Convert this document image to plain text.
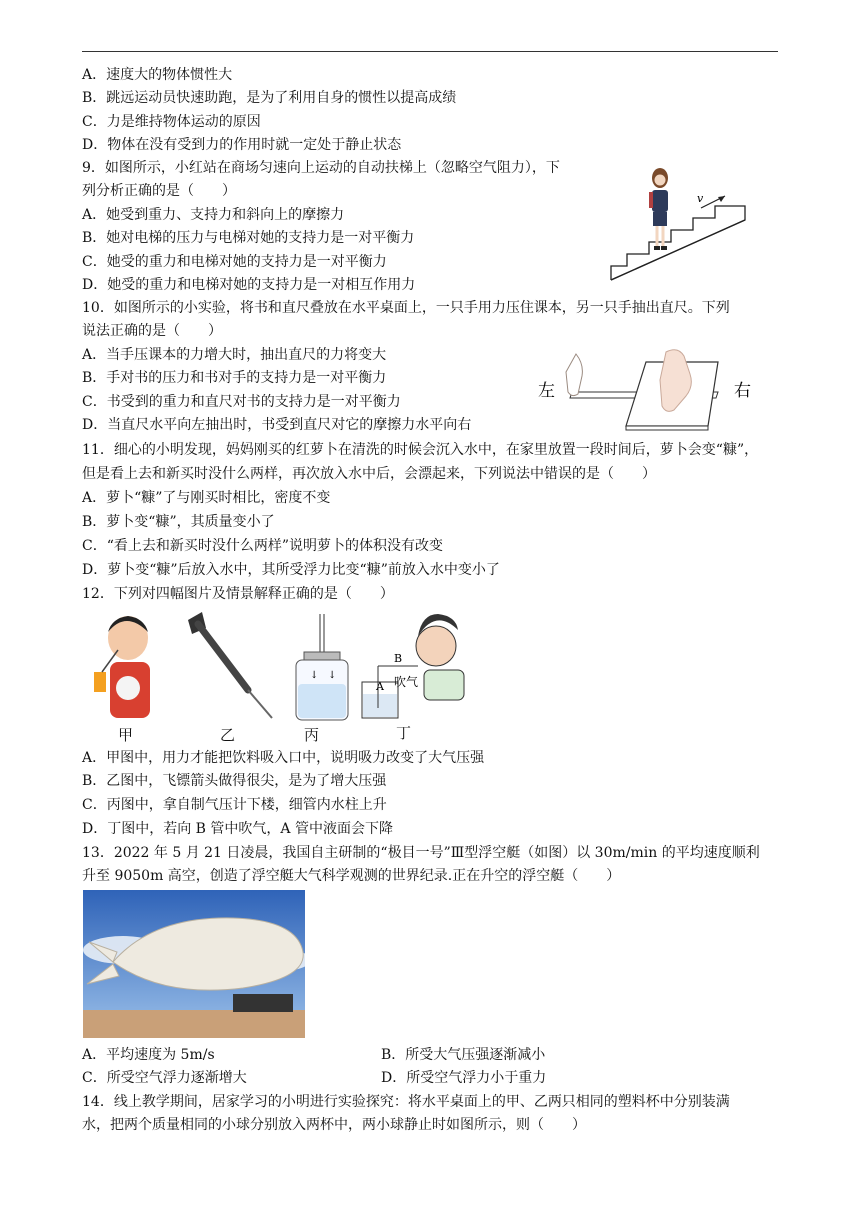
A．速度大的物体惯性大
B．跳远运动员快速助跑，是为了利用自身的惯性以提高成绩
C．力是维持物体运动的原因
D．物体在没有受到力的作用时就一定处于静止状态
9．如图所示，小红站在商场匀速向上运动的自动扶梯上（忽略空气阻力），下
列分析正确的是（　　）
A．她受到重力、支持力和斜向上的摩擦力
B．她对电梯的压力与电梯对她的支持力是一对平衡力
C．她受的重力和电梯对她的支持力是一对平衡力
D．她受的重力和电梯对她的支持力是一对相互作用力
v
10．如图所示的小实验，将书和直尺叠放在水平桌面上，一只手用力压住课本，另一只手抽出直尺。下列
说法正确的是（　　）
A．当手压课本的力增大时，抽出直尺的力将变大
B．手对书的压力和书对手的支持力是一对平衡力
C．书受到的重力和直尺对书的支持力是一对平衡力
D．当直尺水平向左抽出时，书受到直尺对它的摩擦力水平向右
左	右
11．细心的小明发现，妈妈刚买的红萝卜在清洗的时候会沉入水中，在家里放置一段时间后，萝卜会变“糠”，
但是看上去和新买时没什么两样，再次放入水中后，会漂起来，下列说法中错误的是（　　）
A．萝卜“糠”了与刚买时相比，密度不变
B．萝卜变“糠”，其质量变小了
C．“看上去和新买时没什么两样”说明萝卜的体积没有改变
D．萝卜变“糠”后放入水中，其所受浮力比变“糠”前放入水中变小了
12．下列对四幅图片及情景解释正确的是（　　）
↓ ↓
A
B
吹气
甲	乙	丙	丁
A．甲图中，用力才能把饮料吸入口中，说明吸力改变了大气压强
B．乙图中，飞镖箭头做得很尖，是为了增大压强
C．丙图中，拿自制气压计下楼，细管内水柱上升
D．丁图中，若向 B 管中吹气，A 管中液面会下降
13．2022 年 5 月 21 日凌晨，我国自主研制的“极目一号”Ⅲ型浮空艇（如图）以 30m/min 的平均速度顺利
升至 9050m 高空，创造了浮空艇大气科学观测的世界纪录.正在升空的浮空艇（　　）
A．平均速度为 5m/s	B．所受大气压强逐渐减小
C．所受空气浮力逐渐增大	D．所受空气浮力小于重力
14．线上教学期间，居家学习的小明进行实验探究：将水平桌面上的甲、乙两只相同的塑料杯中分别装满
水，把两个质量相同的小球分别放入两杯中，两小球静止时如图所示，则（　　）
